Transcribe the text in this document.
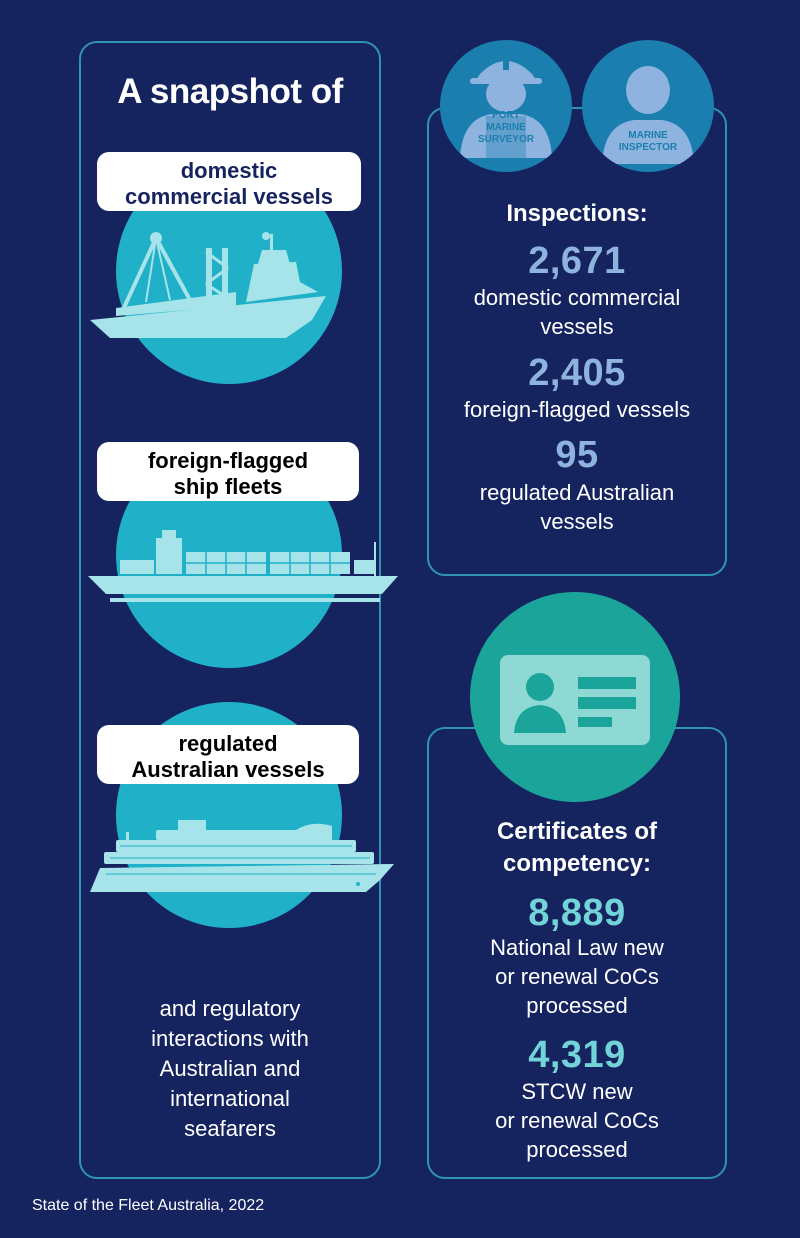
A snapshot of
domestic
commercial vessels
foreign-flagged
ship fleets
regulated
Australian vessels
and regulatory
interactions with
Australian and
international
seafarers
PORT
MARINE
SURVEYOR	MARINE
INSPECTOR
Inspections:
2,671
domestic commercial
vessels
2,405
foreign-flagged vessels
95
regulated Australian
vessels
Certificates of
competency:
8,889
National Law new
or renewal CoCs
processed
4,319
STCW new
or renewal CoCs
processed
State of the Fleet Australia, 2022
